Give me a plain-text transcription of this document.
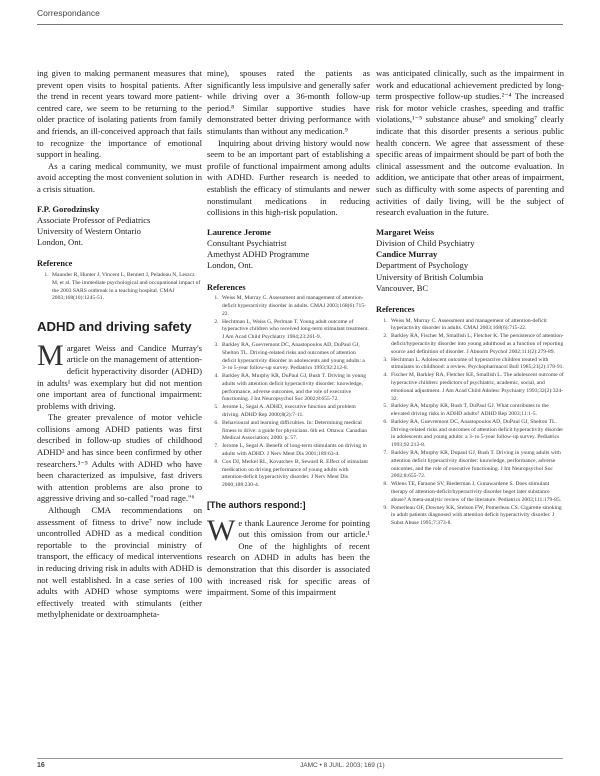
Correspondance

ing given to making permanent measures that prevent open visits to hospital patients. After the trend in recent years toward more patient-centred care, we seem to be returning to the older practice of isolating patients from family and friends, an ill-conceived approach that fails to recognize the importance of emotional support in healing.

As a caring medical community, we must avoid accepting the most convenient solution in a crisis situation.

F.P. Gorodzinsky
Associate Professor of Pediatrics
University of Western Ontario
London, Ont.
Reference
1. Maunder R, Hunter J, Vincent L, Bennett J, Peladeau N, Leszcz M, et al. The immediate psychological and occupational impact of the 2003 SARS outbreak in a teaching hospital. CMAJ 2003;168(10):1245-51.
ADHD and driving safety

M argaret Weiss and Candice Murray's article on the management of attention-deficit hyperactivity disorder (ADHD) in adults¹ was exemplary but did not mention one important area of functional impairment: problems with driving.

The greater prevalence of motor vehicle collisions among ADHD patients was first described in follow-up studies of childhood ADHD² and has since been confirmed by other researchers.³⁻⁵ Adults with ADHD who have been characterized as impulsive, fast drivers with attention problems are also prone to aggressive driving and so-called "road rage."⁶

Although CMA recommendations on assessment of fitness to drive⁷ now include uncontrolled ADHD as a medical condition reportable to the provincial ministry of transport, the efficacy of medical interventions in reducing driving risk in adults with ADHD is not well established. In a case series of 100 adults with ADHD whose symptoms were effectively treated with stimulants (either methylphenidate or dextroampheta-

mine), spouses rated the patients as significantly less impulsive and generally safer while driving over a 36-month follow-up period.⁸ Similar supportive studies have demonstrated better driving performance with stimulants than without any medication.⁹

Inquiring about driving history would now seem to be an important part of establishing a profile of functional impairment among adults with ADHD. Further research is needed to establish the efficacy of stimulants and newer nonstimulant medications in reducing collisions in this high-risk population.

Laurence Jerome
Consultant Psychiatrist
Amethyst ADHD Programme
London, Ont.
References
1. Weiss M, Murray C. Assessment and management of attention-deficit hyperactivity disorder in adults. CMAJ 2003;168(6):715-22.
2. Hechtman L, Weiss G, Perlman T. Young adult outcome of hyperactive children who received long-term stimulant treatment. J Am Acad Child Psychiatry 1984;23:261-9.
3. Barkley RA, Guevremont DC, Anastopoulos AD, DuPaul GJ, Shelton TL. Driving-related risks and outcomes of attention deficit hyperactivity disorder in adolescents and young adults: a 3- to 5-year follow-up survey. Pediatrics 1993;92:212-8.
4. Barkley RA, Murphy KR, DuPaul GJ, Bush T. Driving in young adults with attention deficit hyperactivity disorder: knowledge, performance, adverse outcomes, and the role of executive functioning. J Int Neuropsychol Soc 2002;8:655-72.
5. Jerome L, Segal A. ADHD, executive function and problem driving. ADHD Rep 2000;8(2):7-11.
6. Behavioural and learning difficulties. In: Determining medical fitness to drive: a guide for physicians. 6th ed. Ottawa: Canadian Medical Association; 2000. p. 57.
7. Jerome L, Segal A. Benefit of long-term stimulants on driving in adults with ADHD. J Nerv Ment Dis 2001;189:63-4.
8. Cox DJ, Merkel RL, Kovatchev B, Seward R. Effect of stimulant medication on driving performance of young adults with attention-deficit hyperactivity disorder. J Nerv Ment Dis 2000;188:230-4.
[The authors respond:]

W e thank Laurence Jerome for pointing out this omission from our article.¹ One of the highlights of recent research on ADHD in adults has been the demonstration that this disorder is associated with increased risk for specific areas of impairment. Some of this impairment

was anticipated clinically, such as the impairment in work and educational achievement predicted by long-term prospective follow-up studies.²⁻⁴ The increased risk for motor vehicle crashes, speeding and traffic violations,¹⁻⁵ substance abuse⁶ and smoking⁷ clearly indicate that this disorder presents a serious public health concern. We agree that assessment of these specific areas of impairment should be part of both the clinical assessment and the outcome evaluation. In addition, we anticipate that other areas of impairment, such as difficulty with some aspects of parenting and activities of daily living, will be the subject of research evaluation in the future.

Margaret Weiss
Division of Child Psychiatry
Candice Murray
Department of Psychology
University of British Columbia
Vancouver, BC
References
1. Weiss M, Murray C. Assessment and management of attention-deficit hyperactivity disorder in adults. CMAJ 2003;168(6):715-22.
2. Barkley RA, Fischer M, Smallish L, Fletcher K. The persistence of attention-deficit/hyperactivity disorder into young adulthood as a function of reporting source and definition of disorder. J Abnorm Psychol 2002;111(2):279-89.
3. Hechtman L. Adolescent outcome of hyperactive children treated with stimulants in childhood: a review. Psychopharmacol Bull 1985;21(2):178-91.
4. Fischer M, Barkley RA, Fletcher KE, Smallish L. The adolescent outcome of hyperactive children: predictors of psychiatric, academic, social, and emotional adjustment. J Am Acad Child Adolesc Psychiatry 1993;32(2):324-32.
5. Barkley RA, Murphy KR, Bush T, DuPaul GJ. What contributes to the elevated driving risks in ADHD adults? ADHD Rep 2003;11:1-5.
6. Barkley RA, Guevremont DC, Anastopoulos AD, DuPaul GJ, Shelton TL. Driving-related risks and outcomes of attention deficit hyperactivity disorder in adolescents and young adults: a 3- to 5-year follow-up survey. Pediatrics 1993;92:212-8.
7. Barkley RA, Murphy KR, Dupaul GJ, Bush T. Driving in young adults with attention deficit hyperactivity disorder: knowledge, performance, adverse outcomes, and the role of executive functioning. J Int Neuropsychol Soc 2002;8:655-72.
8. Wilens TE, Faraone SV, Biederman J, Gunawardene S. Does stimulant therapy of attention-deficit/hyperactivity disorder beget later substance abuse? A meta-analytic review of the literature. Pediatrics 2003;111:179-85.
9. Pomerleau OF, Downey KK, Stelson FW, Pomerleau CS. Cigarette smoking in adult patients diagnosed with attention deficit hyperactivity disorder. J Subst Abuse 1995;7:373-8.
16	JAMC • 8 JUIL. 2003; 169 (1)
